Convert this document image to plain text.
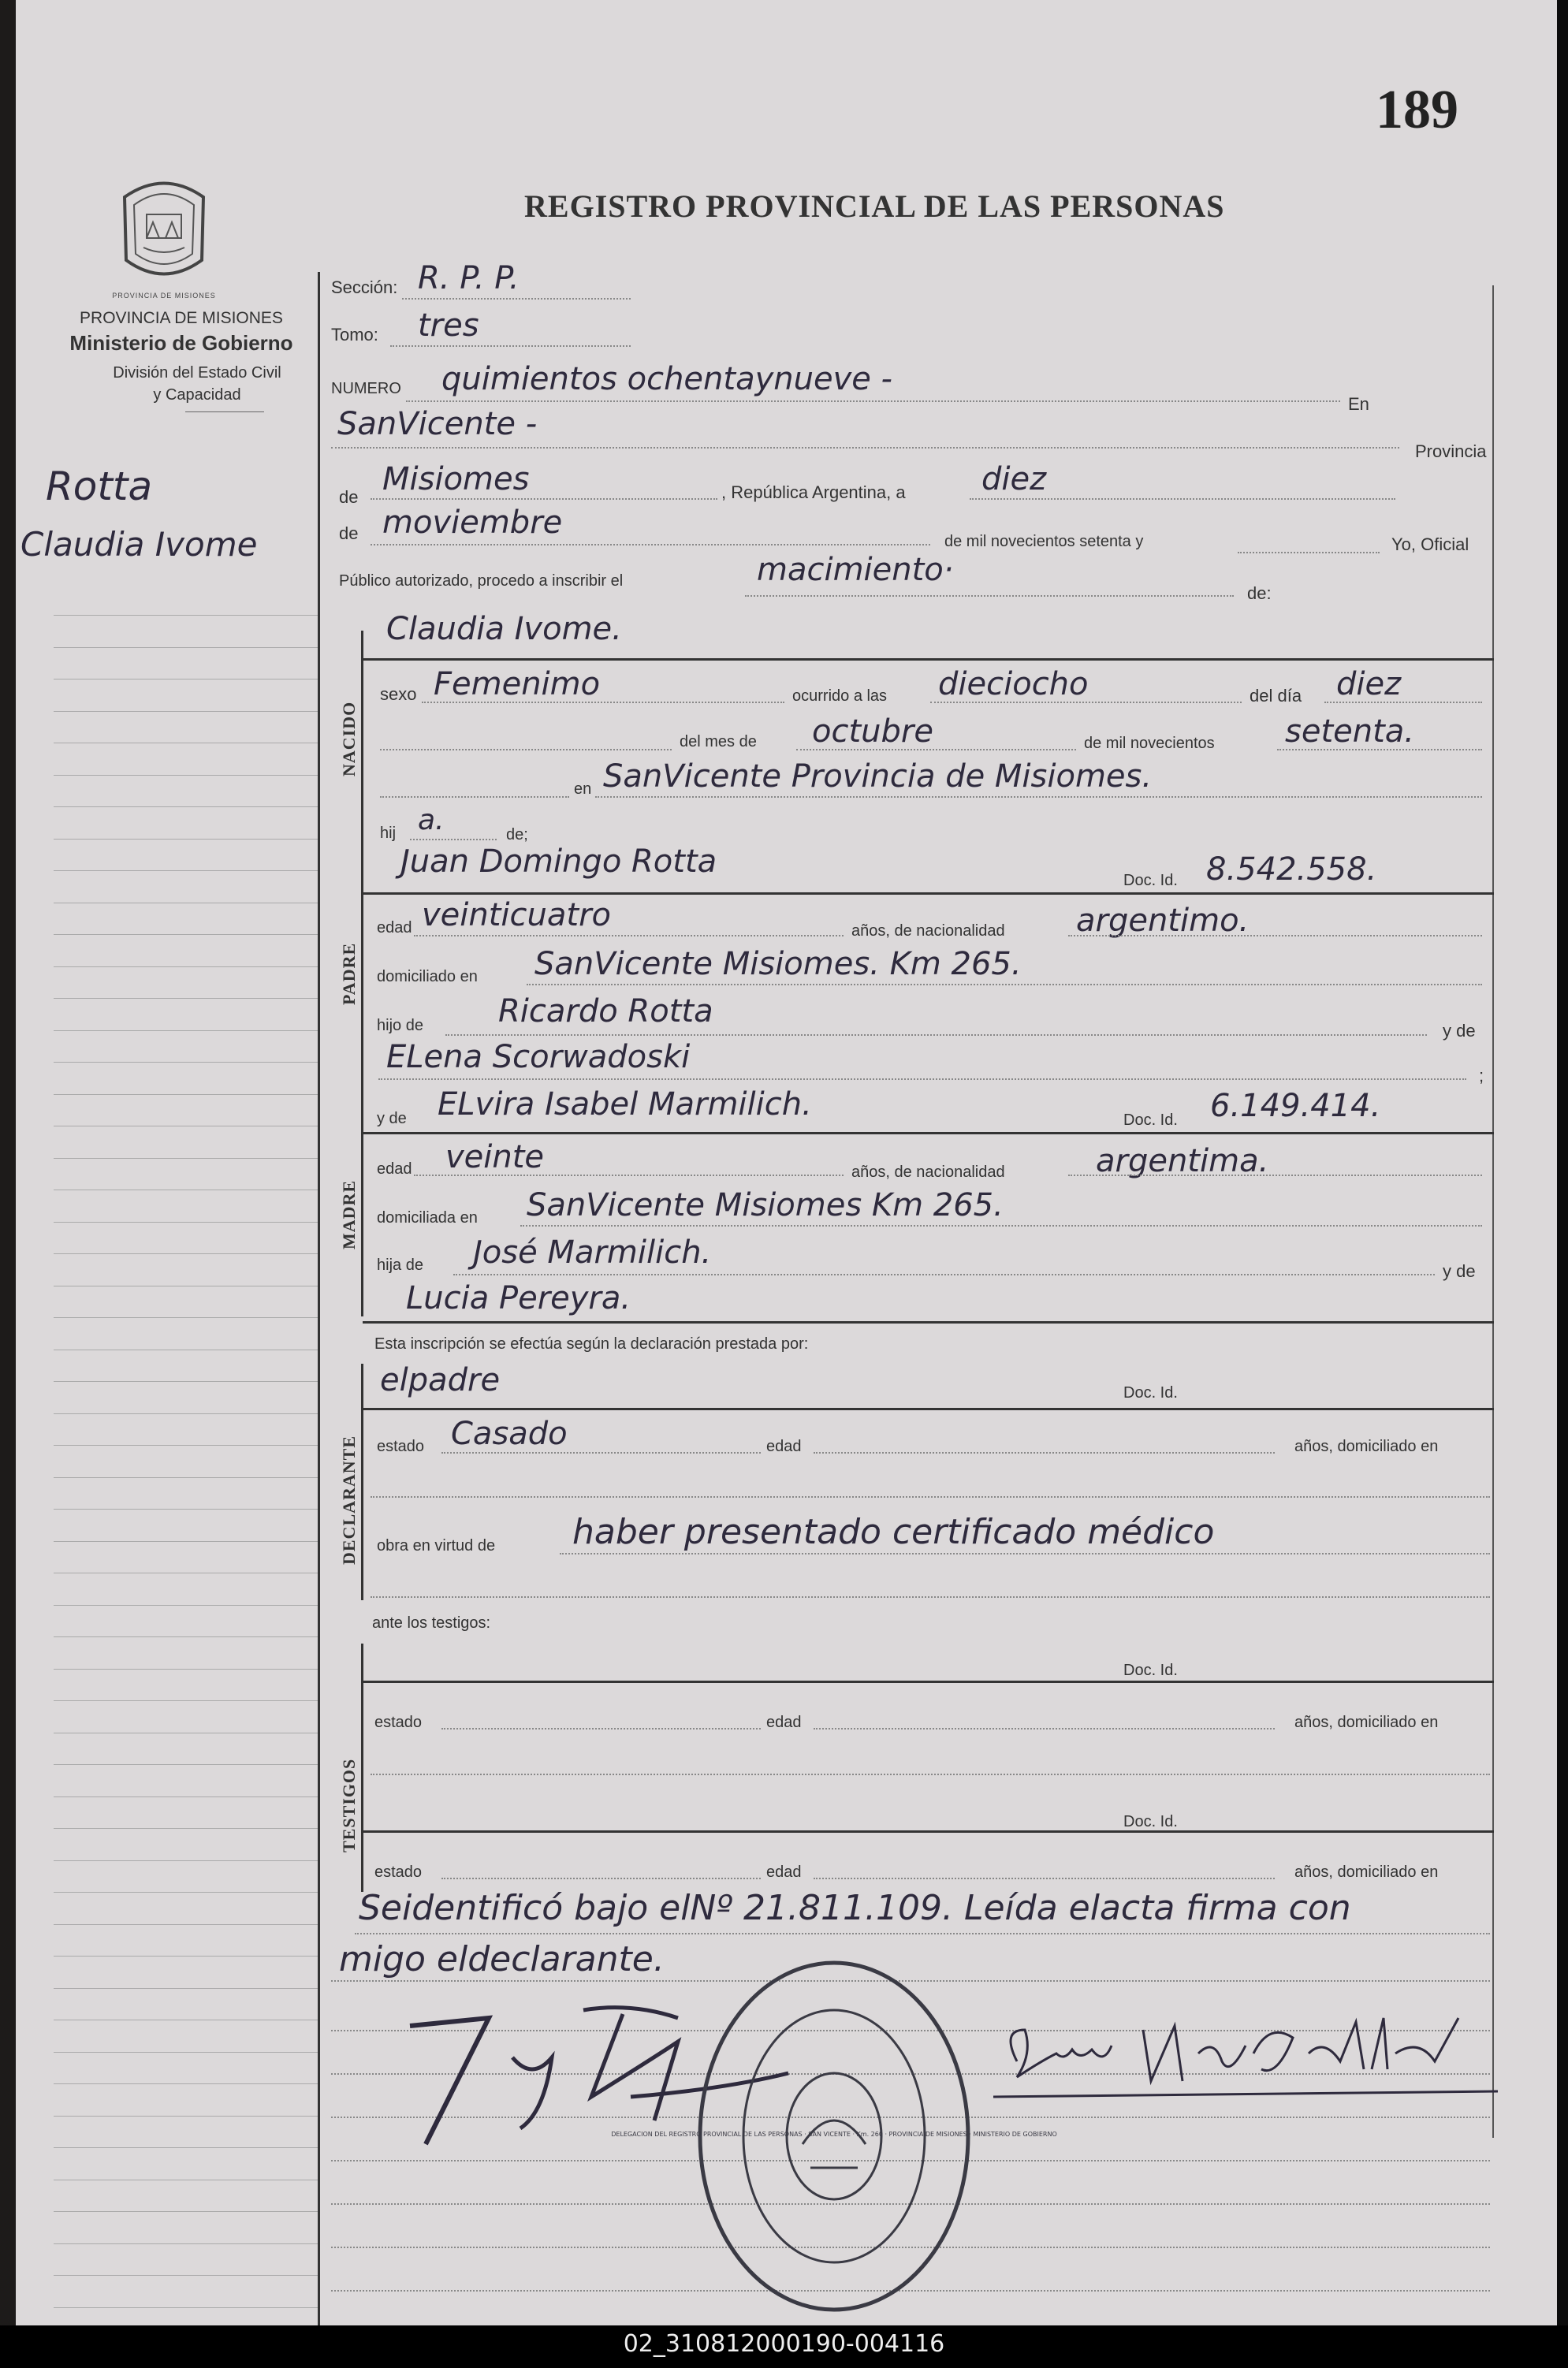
PROVINCIA DE MISIONES
PROVINCIA DE MISIONES
Ministerio de Gobierno
División del Estado Civil
y Capacidad
Rotta
Claudia Ivome
189
REGISTRO PROVINCIAL DE LAS PERSONAS
Sección: R. P. P.
Tomo: tres
NUMERO quimientos ochentaynueve -
En
SanVicente -
Provincia
de Misiomes	, República Argentina, a diez
de moviembre
de mil novecientos setenta y	Yo, Oficial
Público autorizado, procedo a inscribir el	macimiento·
de:
NACIDO
Claudia Ivome.
sexo Femenimo	ocurrido a las dieciocho	del día diez
del mes de octubre	de mil novecientos setenta.
en SanVicente Provincia de Misiomes.
hij a.	de;
PADRE
Juan Domingo Rotta
Doc. Id. 8.542.558.
edad veinticuatro	años, de nacionalidad argentimo.
domiciliado en SanVicente Misiomes. Km 265.
hijo de Ricardo Rotta
y de
ELena Scorwadoski
;
MADRE
y de ELvira Isabel Marmilich.	Doc. Id. 6.149.414.
edad veinte	años, de nacionalidad	argentima.
domiciliada en SanVicente Misiomes Km 265.
hija de José Marmilich.
y de
Lucia Pereyra.
Esta inscripción se efectúa según la declaración prestada por:
DECLARANTE
elpadre	Doc. Id.
estado Casado	edad	años, domiciliado en
obra en virtud de haber presentado certificado médico
ante los testigos:
TESTIGOS
Doc. Id.
estado	edad	años, domiciliado en
Doc. Id.
estado	edad	años, domiciliado en
Seidentificó bajo elNº 21.811.109. Leída elacta firma con
migo eldeclarante.
DELEGACION DEL REGISTRO PROVINCIAL DE LAS PERSONAS · SAN VICENTE · Km. 260 · PROVINCIA DE MISIONES · MINISTERIO DE GOBIERNO
02_310812000190-004116
